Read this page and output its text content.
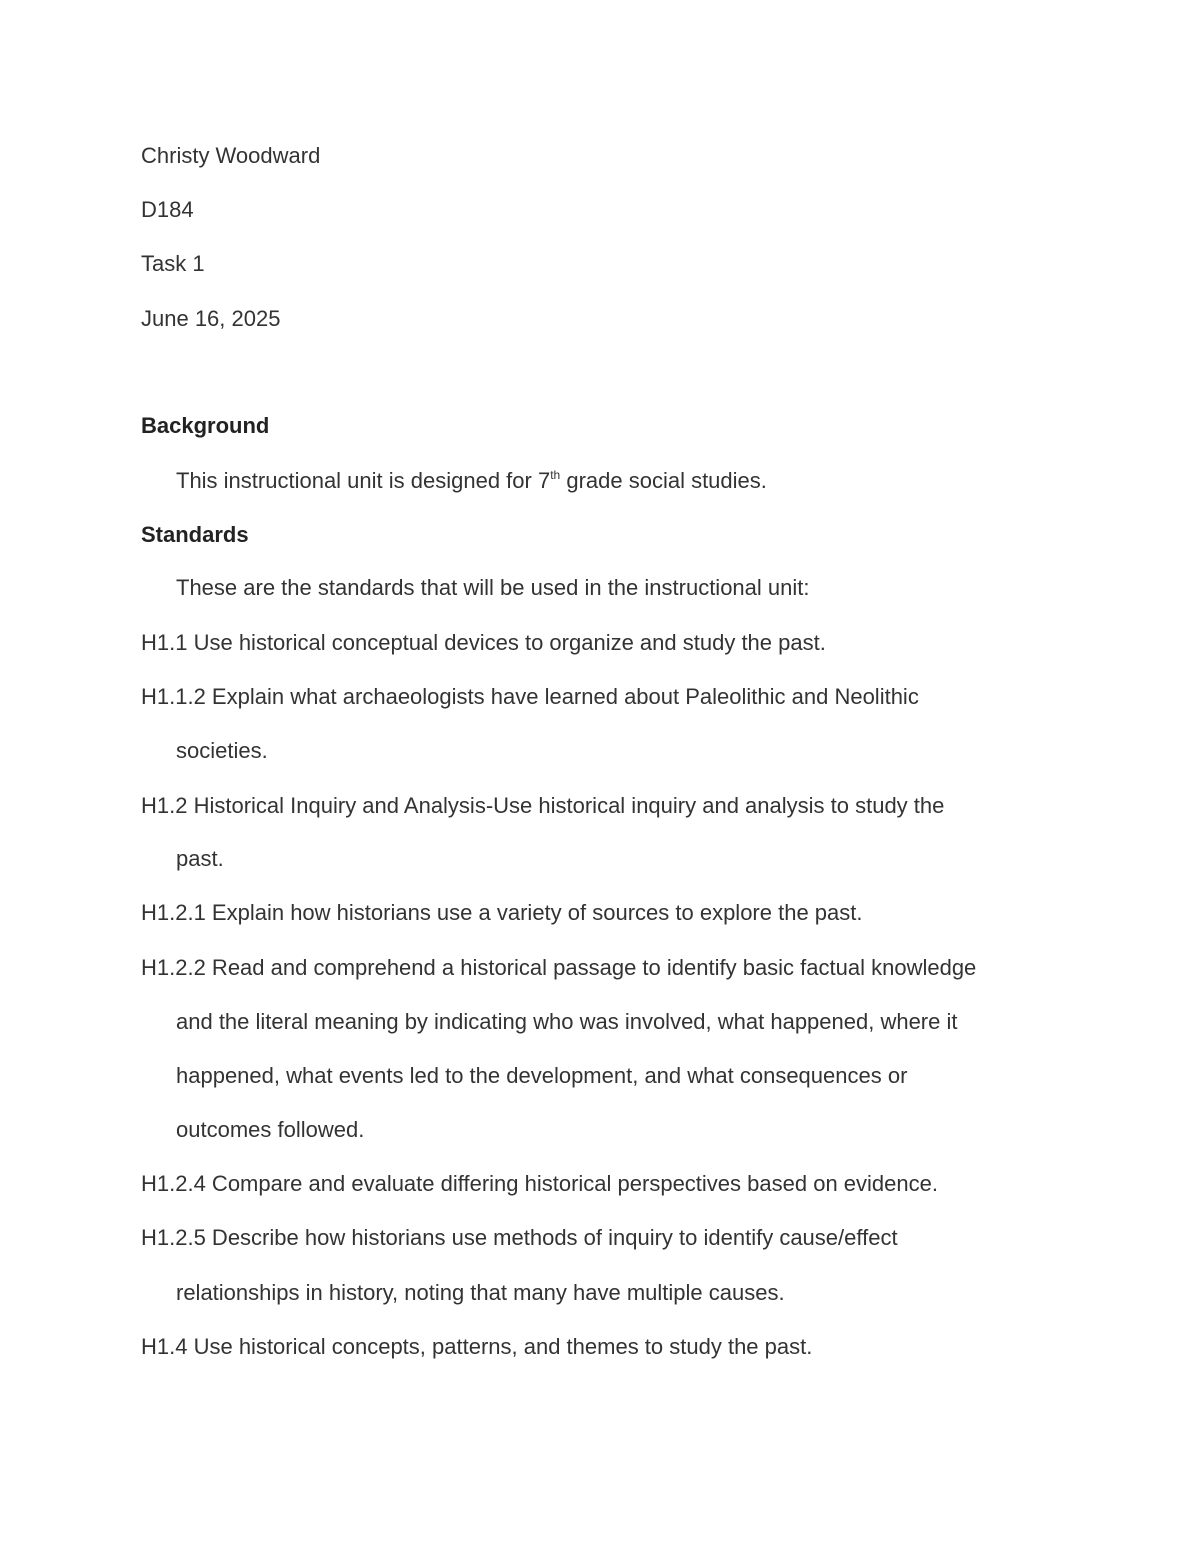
Christy Woodward
D184
Task 1
June 16, 2025
Background
This instructional unit is designed for 7th grade social studies.
Standards
These are the standards that will be used in the instructional unit:
H1.1 Use historical conceptual devices to organize and study the past.
H1.1.2 Explain what archaeologists have learned about Paleolithic and Neolithic
societies.
H1.2 Historical Inquiry and Analysis-Use historical inquiry and analysis to study the
past.
H1.2.1 Explain how historians use a variety of sources to explore the past.
H1.2.2 Read and comprehend a historical passage to identify basic factual knowledge
and the literal meaning by indicating who was involved, what happened, where it
happened, what events led to the development, and what consequences or
outcomes followed.
H1.2.4 Compare and evaluate differing historical perspectives based on evidence.
H1.2.5 Describe how historians use methods of inquiry to identify cause/effect
relationships in history, noting that many have multiple causes.
H1.4 Use historical concepts, patterns, and themes to study the past.
